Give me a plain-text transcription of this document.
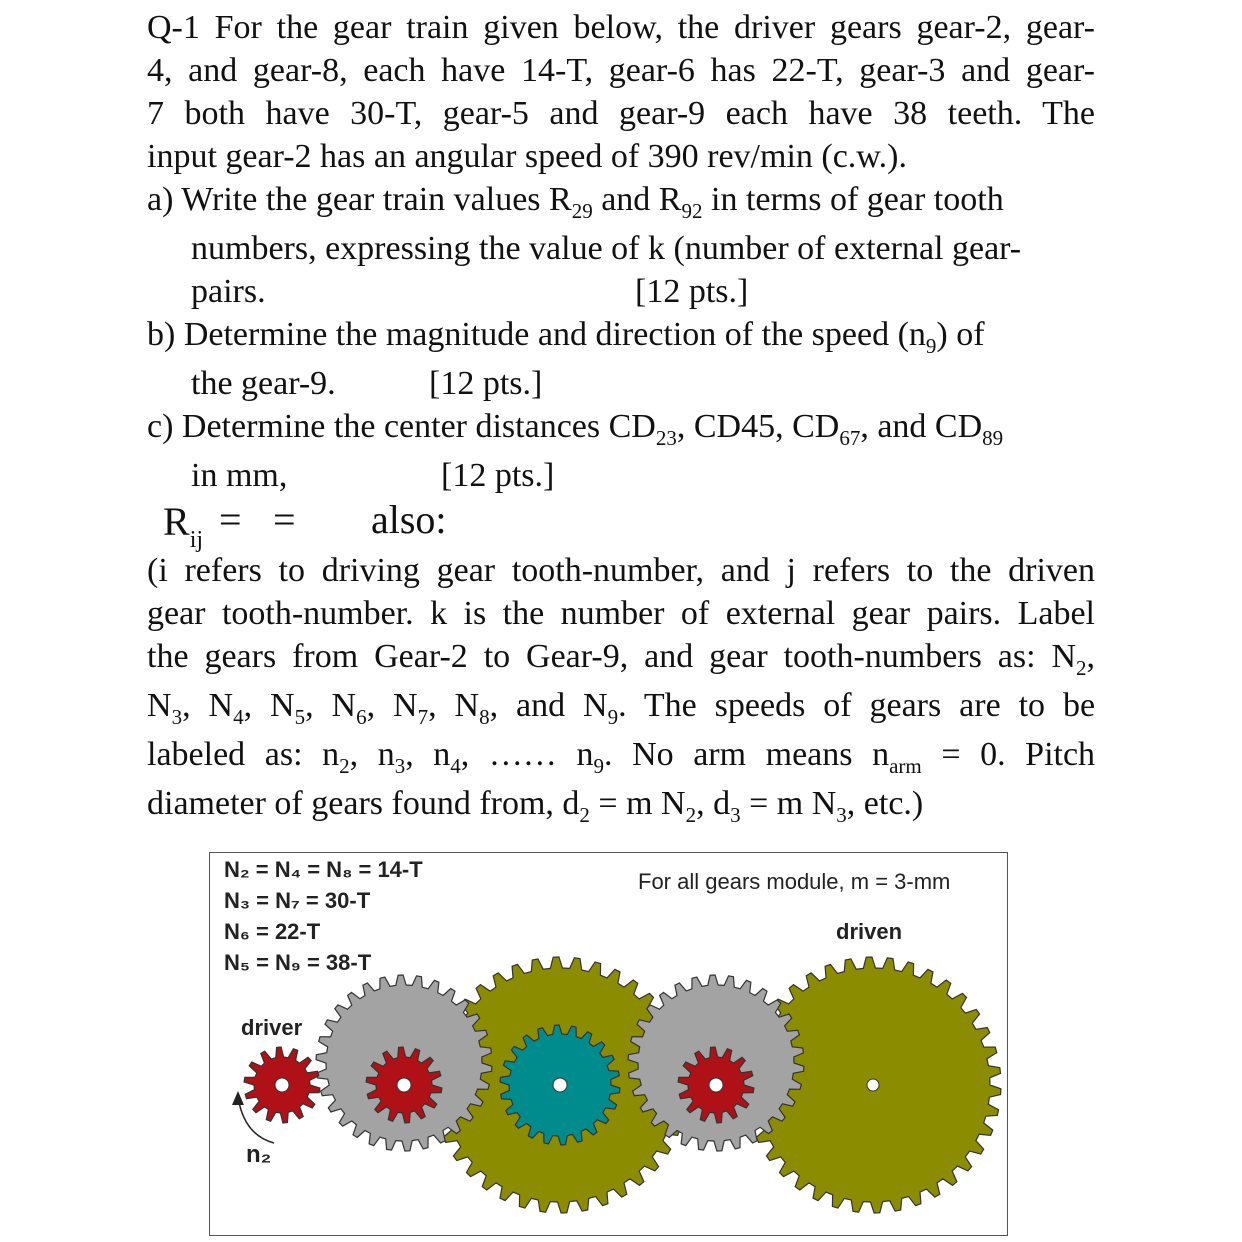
Q-1 For the gear train given below, the driver gears gear-2, gear-
4, and gear-8, each have 14-T, gear-6 has 22-T, gear-3 and gear-
7 both have 30-T, gear-5 and gear-9 each have 38 teeth. The
input gear-2 has an angular speed of 390 rev/min (c.w.).
a) Write the gear train values $R_{29}$ and $R_{92}$ in terms of gear tooth
numbers, expressing the value of k (number of external gear-
pairs.	[12 pts.]
b) Determine the magnitude and direction of the speed $(n_9)$ of
the gear-9.	[12 pts.]
c) Determine the center distances $CD_{23}$, CD45, $CD_{67}$, and $CD_{89}$
in mm,	[12 pts.]
$R_{ij}$ = = also:
(i refers to driving gear tooth-number, and j refers to the driven
gear tooth-number. k is the number of external gear pairs. Label
the gears from Gear-2 to Gear-9, and gear tooth-numbers as: $N_2$,
$N_3$, $N_4$, $N_5$, $N_6$, $N_7$, $N_8$, and $N_9$. The speeds of gears are to be
labeled as: $n_2$, $n_3$, $n_4$, …… $n_9$. No arm means $n_{arm} = 0$. Pitch
diameter of gears found from, $d_2 = m$ $N_2$, $d_3 = m$ $N_3$, etc.)
N₂ = N₄ = N₈ = 14-T
N₃ = N₇ = 30-T
N₆ = 22-T
N₅ = N₉ = 38-T
For all gears module, m = 3-mm
driven
driver
n₂
